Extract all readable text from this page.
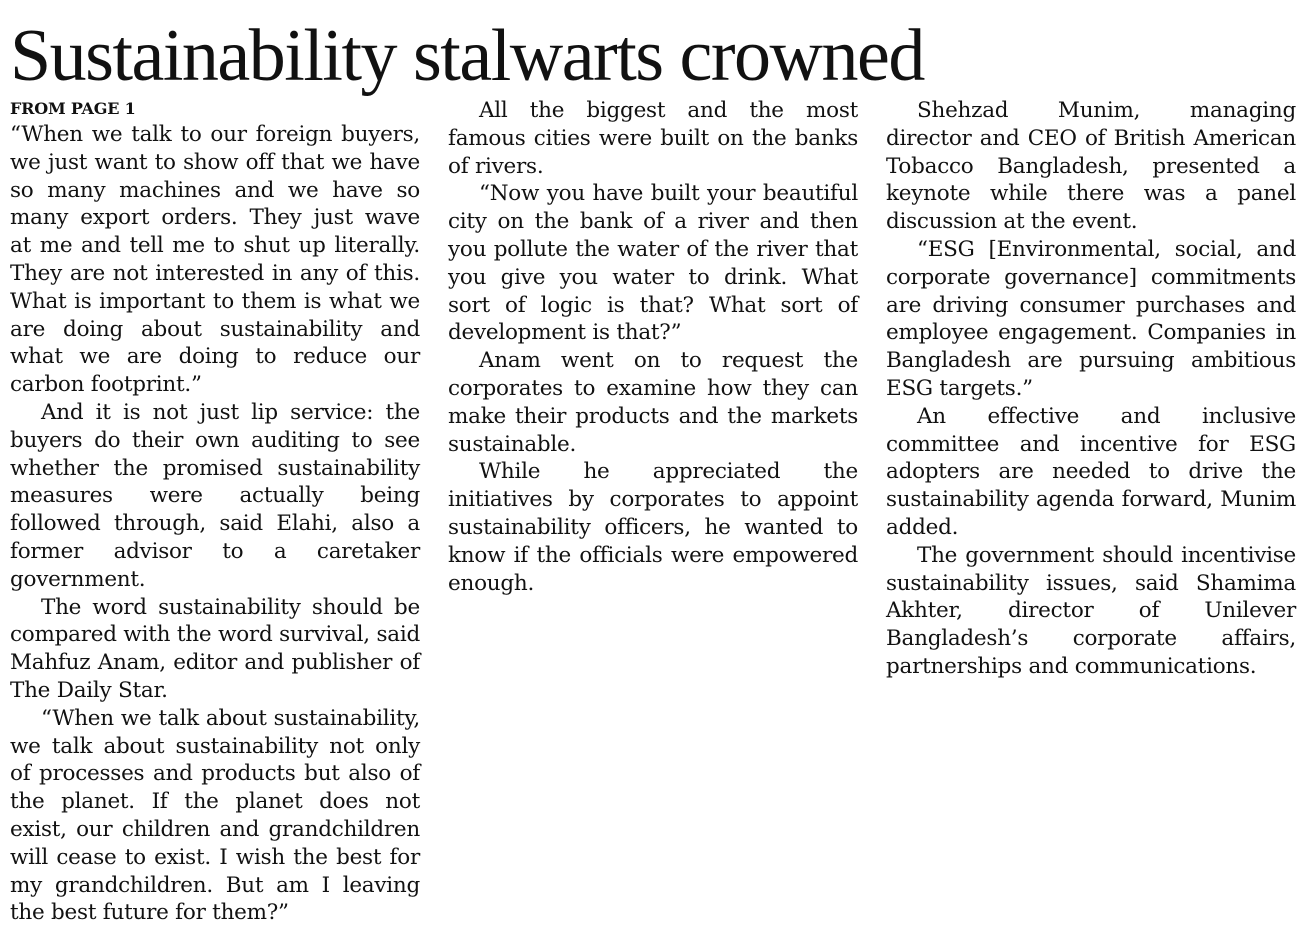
Sustainability stalwarts crowned
FROM PAGE 1

“When we talk to our foreign buyers, we just want to show off that we have so many machines and we have so many export orders. They just wave at me and tell me to shut up literally. They are not interested in any of this. What is important to them is what we are doing about sustainability and what we are doing to reduce our carbon footprint.”

And it is not just lip service: the buyers do their own auditing to see whether the promised sustainability measures were actually being followed through, said Elahi, also a former advisor to a caretaker government.

The word sustainability should be compared with the word survival, said Mahfuz Anam, editor and publisher of The Daily Star.

“When we talk about sustainability, we talk about sustainability not only of processes and products but also of the planet. If the planet does not exist, our children and grandchildren will cease to exist. I wish the best for my grandchildren. But am I leaving the best future for them?”

All the biggest and the most famous cities were built on the banks of rivers.

“Now you have built your beautiful city on the bank of a river and then you pollute the water of the river that you give you water to drink. What sort of logic is that? What sort of development is that?”

Anam went on to request the corporates to examine how they can make their products and the markets sustainable.

While he appreciated the initiatives by corporates to appoint sustainability officers, he wanted to know if the officials were empowered enough.

Shehzad Munim, managing director and CEO of British American Tobacco Bangladesh, presented a keynote while there was a panel discussion at the event.

“ESG [Environmental, social, and corporate governance] commitments are driving consumer purchases and employee engagement. Companies in Bangladesh are pursuing ambitious ESG targets.”

An effective and inclusive committee and incentive for ESG adopters are needed to drive the sustainability agenda forward, Munim added.

The government should incentivise sustainability issues, said Shamima Akhter, director of Unilever Bangladesh’s corporate affairs, partnerships and communications.
